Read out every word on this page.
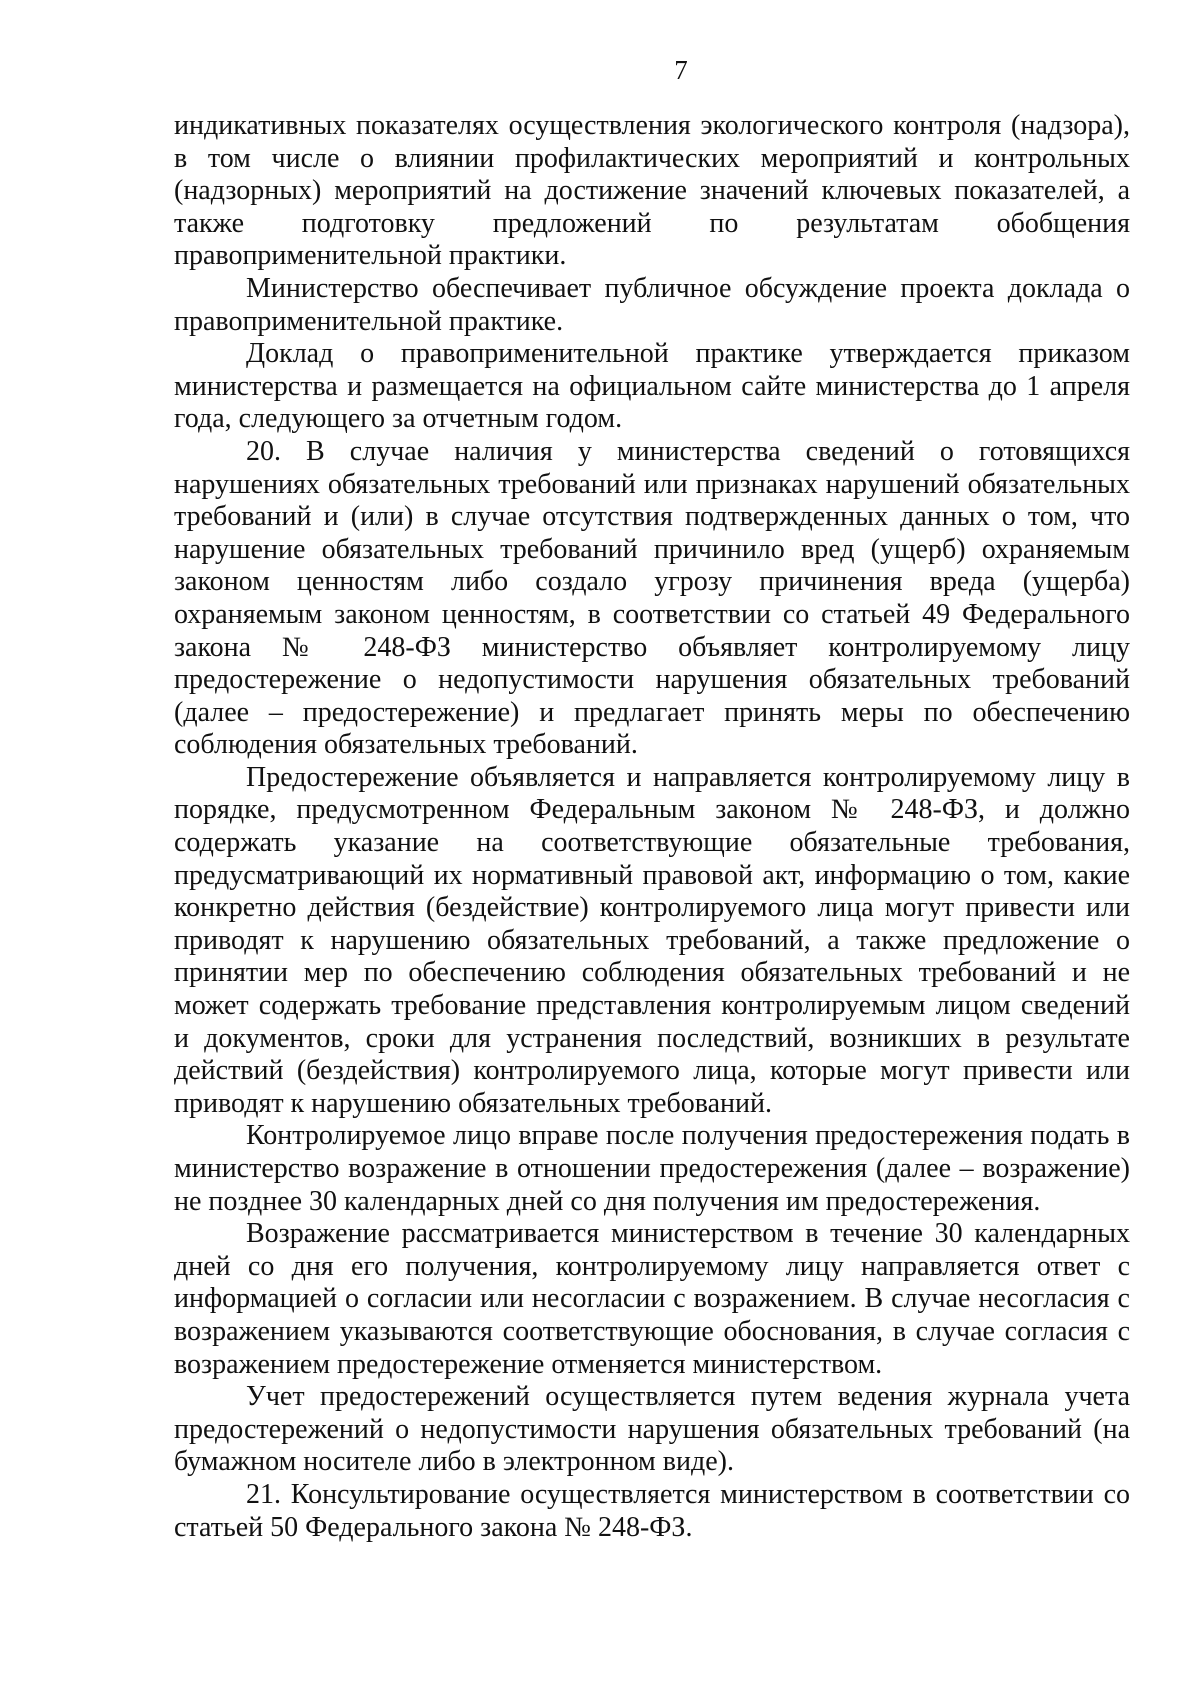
7

индикативных показателях осуществления экологического контроля (надзора), в том числе о влиянии профилактических мероприятий и контрольных (надзорных) мероприятий на достижение значений ключевых показателей, а также подготовку предложений по результатам обобщения правоприменительной практики.

Министерство обеспечивает публичное обсуждение проекта доклада о правоприменительной практике.

Доклад о правоприменительной практике утверждается приказом министерства и размещается на официальном сайте министерства до 1 апреля года, следующего за отчетным годом.

20. В случае наличия у министерства сведений о готовящихся нарушениях обязательных требований или признаках нарушений обязательных требований и (или) в случае отсутствия подтвержденных данных о том, что нарушение обязательных требований причинило вред (ущерб) охраняемым законом ценностям либо создало угрозу причинения вреда (ущерба) охраняемым законом ценностям, в соответствии со статьей 49 Федерального закона № 248-ФЗ министерство объявляет контролируемому лицу предостережение о недопустимости нарушения обязательных требований (далее – предостережение) и предлагает принять меры по обеспечению соблюдения обязательных требований.

Предостережение объявляется и направляется контролируемому лицу в порядке, предусмотренном Федеральным законом № 248-ФЗ, и должно содержать указание на соответствующие обязательные требования, предусматривающий их нормативный правовой акт, информацию о том, какие конкретно действия (бездействие) контролируемого лица могут привести или приводят к нарушению обязательных требований, а также предложение о принятии мер по обеспечению соблюдения обязательных требований и не может содержать требование представления контролируемым лицом сведений и документов, сроки для устранения последствий, возникших в результате действий (бездействия) контролируемого лица, которые могут привести или приводят к нарушению обязательных требований.

Контролируемое лицо вправе после получения предостережения подать в министерство возражение в отношении предостережения (далее – возражение) не позднее 30 календарных дней со дня получения им предостережения.

Возражение рассматривается министерством в течение 30 календарных дней со дня его получения, контролируемому лицу направляется ответ с информацией о согласии или несогласии с возражением. В случае несогласия с возражением указываются соответствующие обоснования, в случае согласия с возражением предостережение отменяется министерством.

Учет предостережений осуществляется путем ведения журнала учета предостережений о недопустимости нарушения обязательных требований (на бумажном носителе либо в электронном виде).

21. Консультирование осуществляется министерством в соответствии со статьей 50 Федерального закона № 248-ФЗ.
